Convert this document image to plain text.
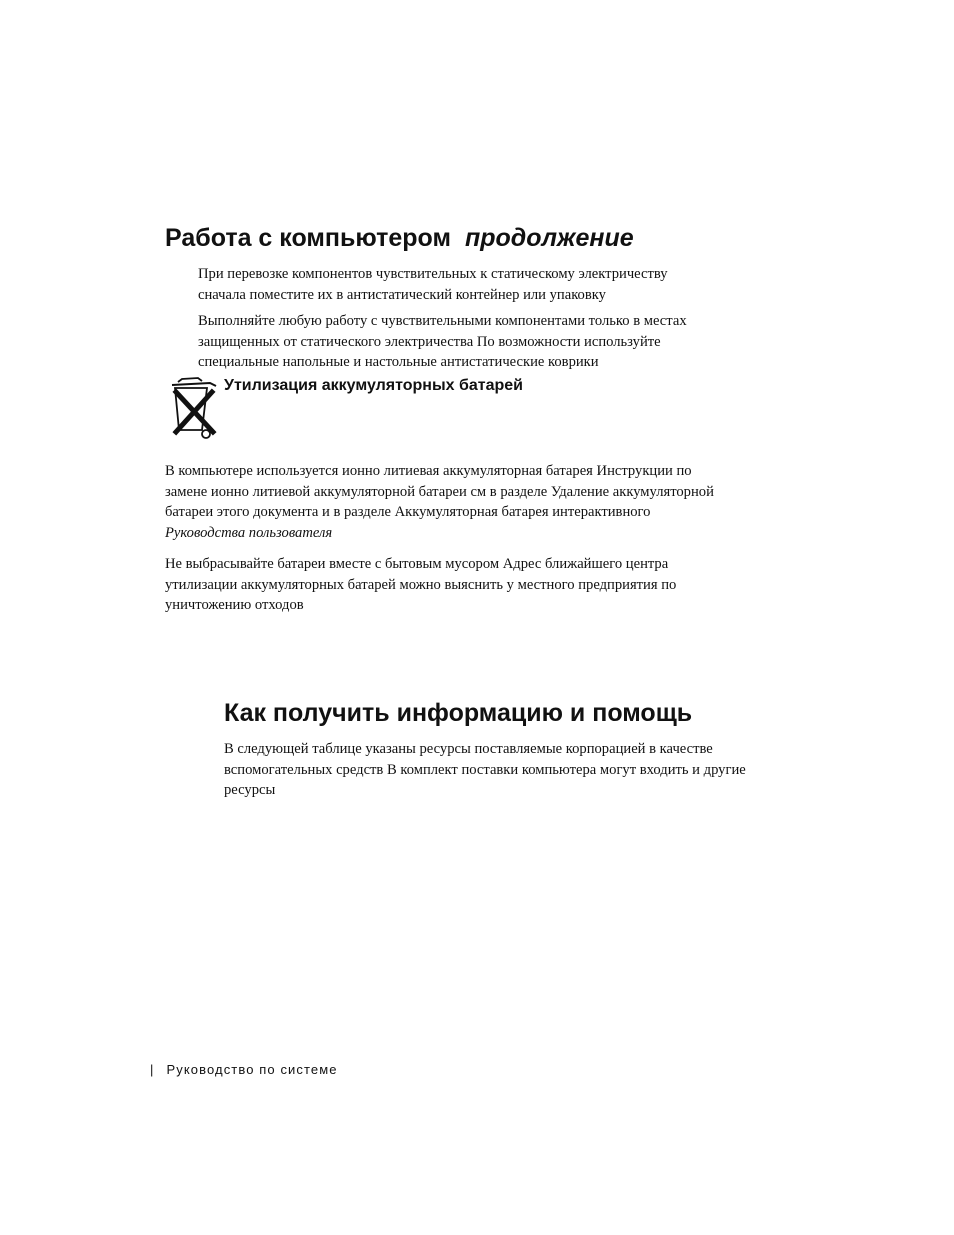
Работа с компьютером продолжение
При перевозке компонентов чувствительных к статическому электричеству
сначала поместите их в антистатический контейнер или упаковку
Выполняйте любую работу с чувствительными компонентами только в местах
защищенных от статического электричества По возможности используйте
специальные напольные и настольные антистатические коврики
Утилизация аккумуляторных батарей
В компьютере используется ионно литиевая аккумуляторная батарея Инструкции по
замене ионно литиевой аккумуляторной батареи см в разделе Удаление аккумуляторной
батареи этого документа и в разделе Аккумуляторная батарея интерактивного
Руководства пользователя
Не выбрасывайте батареи вместе с бытовым мусором Адрес ближайшего центра
утилизации аккумуляторных батарей можно выяснить у местного предприятия по
уничтожению отходов
Как получить информацию и помощь
В следующей таблице указаны ресурсы поставляемые корпорацией в качестве
вспомогательных средств В комплект поставки компьютера могут входить и другие
ресурсы
| Руководство по системе
